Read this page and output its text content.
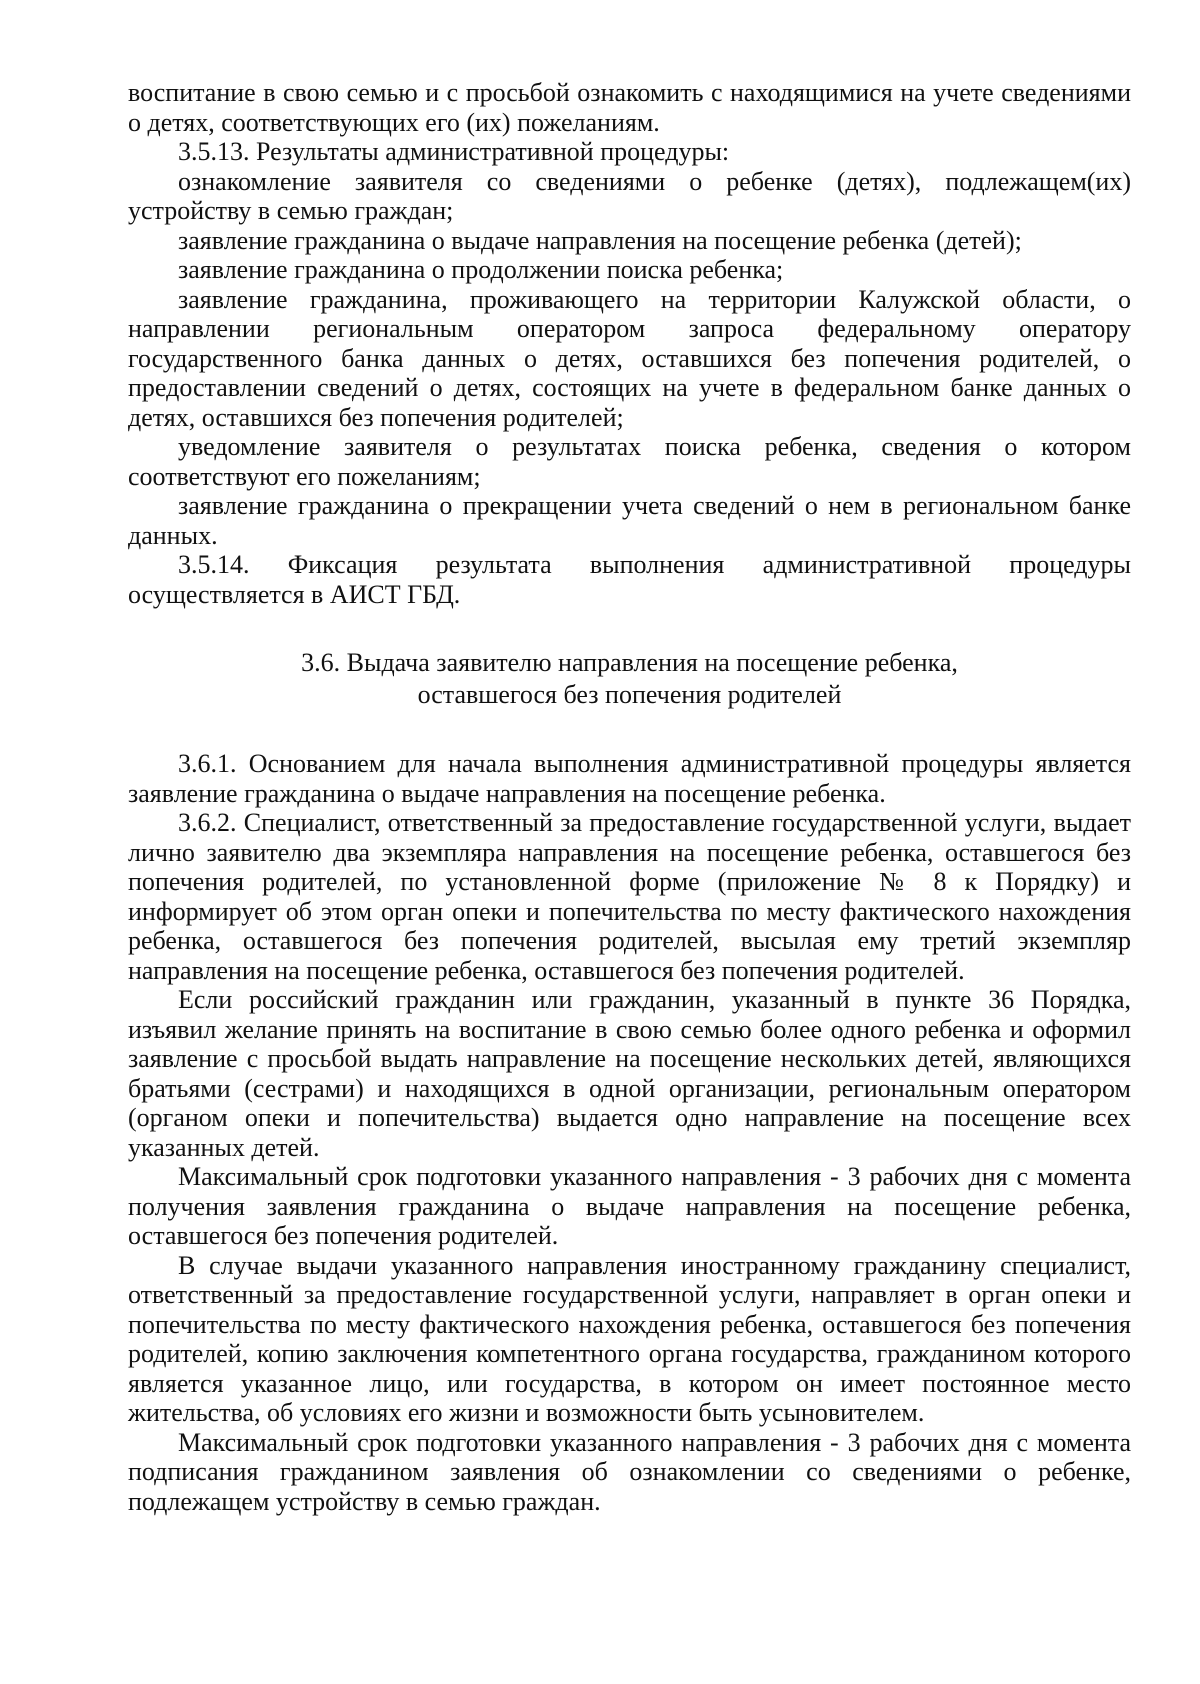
воспитание в свою семью и с просьбой ознакомить с находящимися на учете сведениями о детях, соответствующих его (их) пожеланиям.

3.5.13. Результаты административной процедуры:

ознакомление заявителя со сведениями о ребенке (детях), подлежащем(их) устройству в семью граждан;

заявление гражданина о выдаче направления на посещение ребенка (детей);

заявление гражданина о продолжении поиска ребенка;

заявление гражданина, проживающего на территории Калужской области, о направлении региональным оператором запроса федеральному оператору государственного банка данных о детях, оставшихся без попечения родителей, о предоставлении сведений о детях, состоящих на учете в федеральном банке данных о детях, оставшихся без попечения родителей;

уведомление заявителя о результатах поиска ребенка, сведения о котором соответствуют его пожеланиям;

заявление гражданина о прекращении учета сведений о нем в региональном банке данных.

3.5.14. Фиксация результата выполнения административной процедуры осуществляется в АИСТ ГБД.

3.6. Выдача заявителю направления на посещение ребенка,
оставшегося без попечения родителей

3.6.1. Основанием для начала выполнения административной процедуры является заявление гражданина о выдаче направления на посещение ребенка.

3.6.2. Специалист, ответственный за предоставление государственной услуги, выдает лично заявителю два экземпляра направления на посещение ребенка, оставшегося без попечения родителей, по установленной форме (приложение № 8 к Порядку) и информирует об этом орган опеки и попечительства по месту фактического нахождения ребенка, оставшегося без попечения родителей, высылая ему третий экземпляр направления на посещение ребенка, оставшегося без попечения родителей.

Если российский гражданин или гражданин, указанный в пункте 36 Порядка, изъявил желание принять на воспитание в свою семью более одного ребенка и оформил заявление с просьбой выдать направление на посещение нескольких детей, являющихся братьями (сестрами) и находящихся в одной организации, региональным оператором (органом опеки и попечительства) выдается одно направление на посещение всех указанных детей.

Максимальный срок подготовки указанного направления - 3 рабочих дня с момента получения заявления гражданина о выдаче направления на посещение ребенка, оставшегося без попечения родителей.

В случае выдачи указанного направления иностранному гражданину специалист, ответственный за предоставление государственной услуги, направляет в орган опеки и попечительства по месту фактического нахождения ребенка, оставшегося без попечения родителей, копию заключения компетентного органа государства, гражданином которого является указанное лицо, или государства, в котором он имеет постоянное место жительства, об условиях его жизни и возможности быть усыновителем.

Максимальный срок подготовки указанного направления - 3 рабочих дня с момента подписания гражданином заявления об ознакомлении со сведениями о ребенке, подлежащем устройству в семью граждан.
